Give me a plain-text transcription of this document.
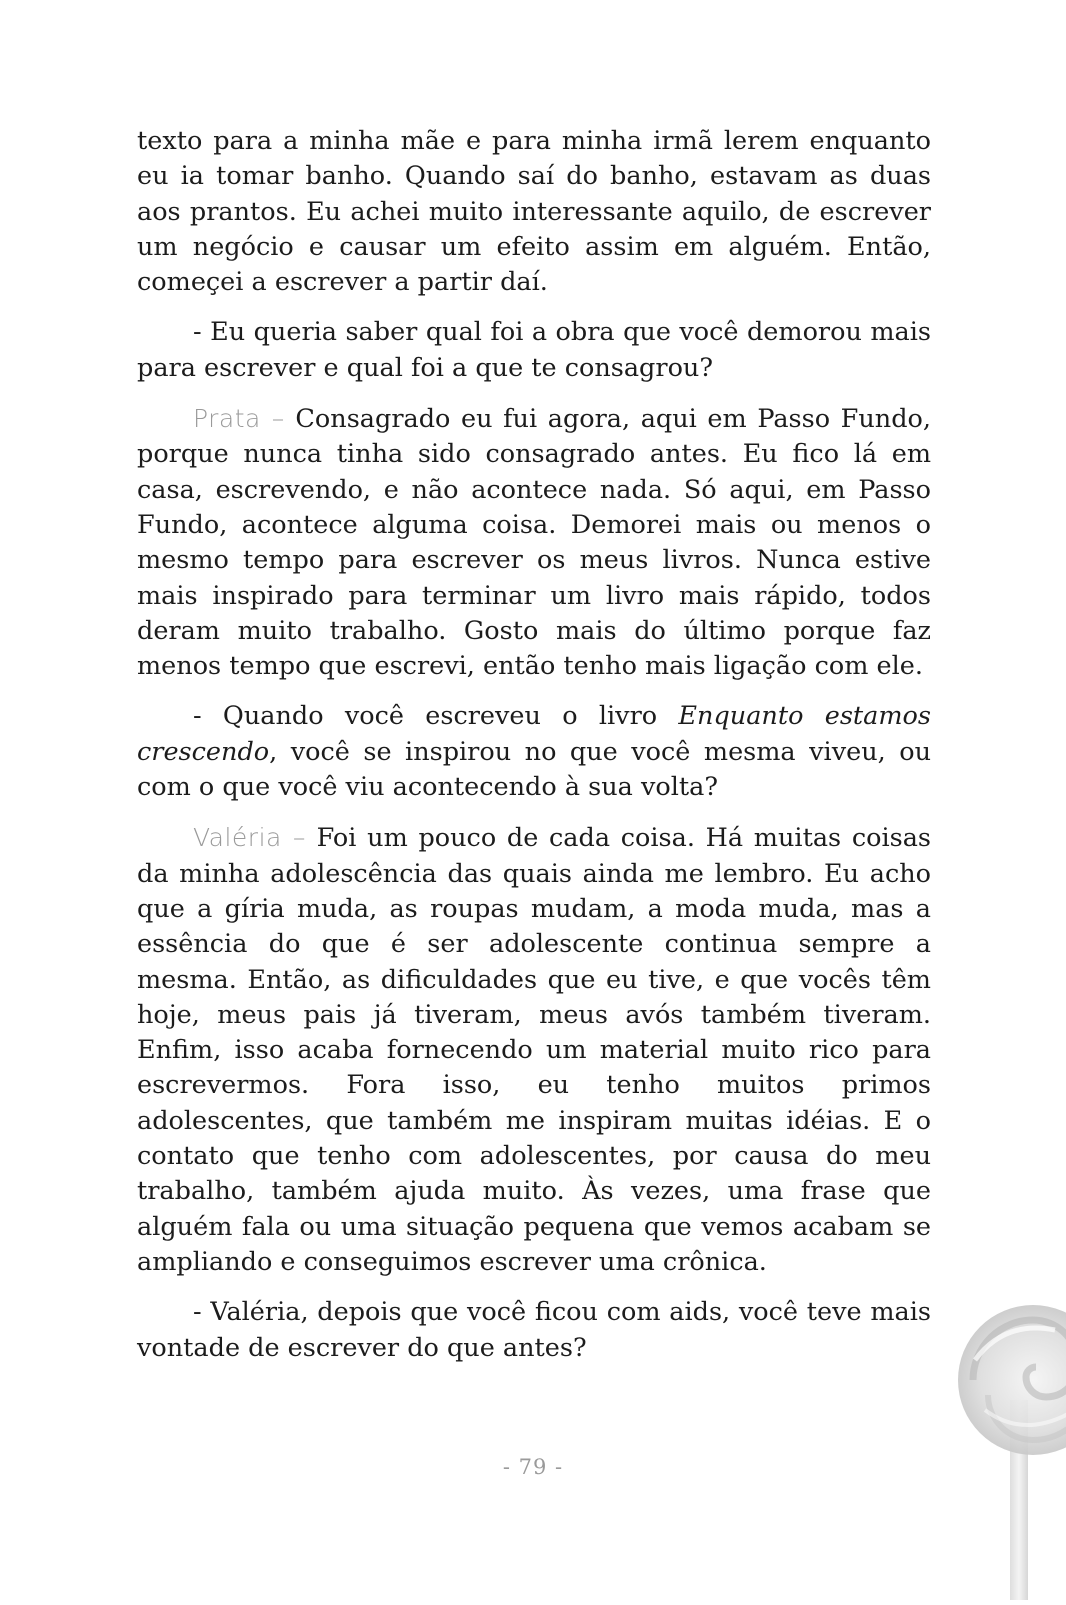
texto para a minha mãe e para minha irmã lerem enquanto eu ia tomar banho. Quando saí do banho, estavam as duas aos prantos. Eu achei muito interessante aquilo, de escrever um negócio e causar um efeito assim em alguém. Então, começei a escrever a partir daí.

- Eu queria saber qual foi a obra que você demorou mais para escrever e qual foi a que te consagrou?

Prata – Consagrado eu fui agora, aqui em Passo Fundo, porque nunca tinha sido consagrado antes. Eu fico lá em casa, escrevendo, e não acontece nada. Só aqui, em Passo Fundo, acontece alguma coisa. Demorei mais ou menos o mesmo tempo para escrever os meus livros. Nunca estive mais inspirado para terminar um livro mais rápido, todos deram muito trabalho. Gosto mais do último porque faz menos tempo que escrevi, então tenho mais ligação com ele.

- Quando você escreveu o livro Enquanto estamos crescendo, você se inspirou no que você mesma viveu, ou com o que você viu acontecendo à sua volta?

Valéria – Foi um pouco de cada coisa. Há muitas coisas da minha adolescência das quais ainda me lembro. Eu acho que a gíria muda, as roupas mudam, a moda muda, mas a essência do que é ser adolescente continua sempre a mesma. Então, as dificuldades que eu tive, e que vocês têm hoje, meus pais já tiveram, meus avós também tiveram. Enfim, isso acaba fornecendo um material muito rico para escrevermos. Fora isso, eu tenho muitos primos adolescentes, que também me inspiram muitas idéias. E o contato que tenho com adolescentes, por causa do meu trabalho, também ajuda muito. Às vezes, uma frase que alguém fala ou uma situação pequena que vemos acabam se ampliando e conseguimos escrever uma crônica.

- Valéria, depois que você ficou com aids, você teve mais vontade de escrever do que antes?

- 79 -
